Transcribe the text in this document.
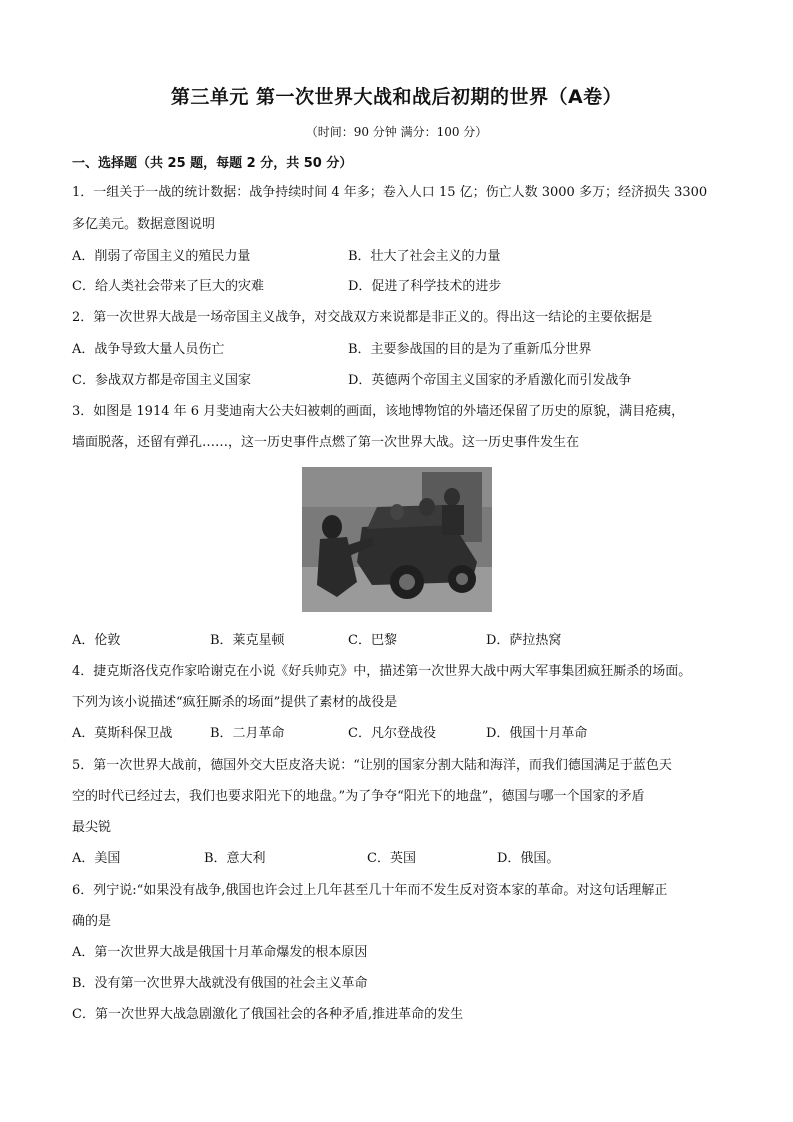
第三单元 第一次世界大战和战后初期的世界（A卷）
（时间：90 分钟 满分：100 分）
一、选择题（共 25 题，每题 2 分，共 50 分）
1．一组关于一战的统计数据：战争持续时间 4 年多；卷入人口 15 亿；伤亡人数 3000 多万；经济损失 3300
多亿美元。数据意图说明
A．削弱了帝国主义的殖民力量	B．壮大了社会主义的力量
C．给人类社会带来了巨大的灾难	D．促进了科学技术的进步
2．第一次世界大战是一场帝国主义战争，对交战双方来说都是非正义的。得出这一结论的主要依据是
A．战争导致大量人员伤亡	B．主要参战国的目的是为了重新瓜分世界
C．参战双方都是帝国主义国家	D．英德两个帝国主义国家的矛盾激化而引发战争
3．如图是 1914 年 6 月斐迪南大公夫妇被刺的画面，该地博物馆的外墙还保留了历史的原貌，满目疮痍，
墙面脱落，还留有弹孔……，这一历史事件点燃了第一次世界大战。这一历史事件发生在
A．伦敦	B．莱克星顿	C．巴黎	D．萨拉热窝
4．捷克斯洛伐克作家哈谢克在小说《好兵帅克》中，描述第一次世界大战中两大军事集团疯狂厮杀的场面。
下列为该小说描述“疯狂厮杀的场面”提供了素材的战役是
A．莫斯科保卫战	B．二月革命	C．凡尔登战役	D．俄国十月革命
5．第一次世界大战前，德国外交大臣皮洛夫说：“让别的国家分割大陆和海洋，而我们德国满足于蓝色天
空的时代已经过去，我们也要求阳光下的地盘。”为了争夺“阳光下的地盘”，德国与哪一个国家的矛盾
最尖锐
A．美国	B．意大利	C．英国	D．俄国。
6．列宁说:“如果没有战争,俄国也许会过上几年甚至几十年而不发生反对资本家的革命。对这句话理解正
确的是
A．第一次世界大战是俄国十月革命爆发的根本原因
B．没有第一次世界大战就没有俄国的社会主义革命
C．第一次世界大战急剧激化了俄国社会的各种矛盾,推进革命的发生
